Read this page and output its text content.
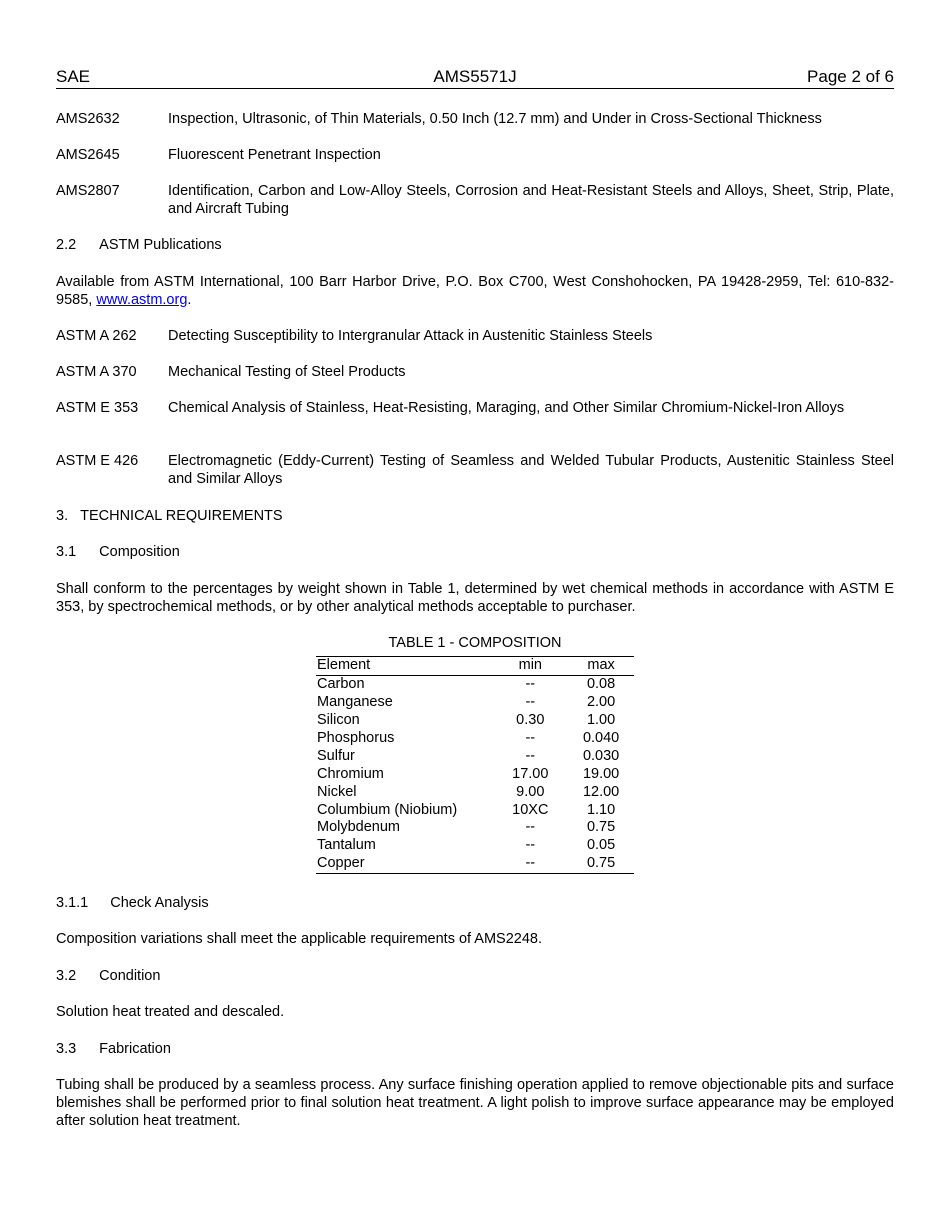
SAE	AMS5571J	Page 2 of 6
AMS2632	Inspection, Ultrasonic, of Thin Materials, 0.50 Inch (12.7 mm) and Under in Cross-Sectional Thickness
AMS2645	Fluorescent Penetrant Inspection
AMS2807	Identification, Carbon and Low-Alloy Steels, Corrosion and Heat-Resistant Steels and Alloys, Sheet, Strip, Plate, and Aircraft Tubing
2.2 ASTM Publications
Available from ASTM International, 100 Barr Harbor Drive, P.O. Box C700, West Conshohocken, PA 19428-2959, Tel: 610-832-9585, www.astm.org.
ASTM A 262 Detecting Susceptibility to Intergranular Attack in Austenitic Stainless Steels
ASTM A 370 Mechanical Testing of Steel Products
ASTM E 353 Chemical Analysis of Stainless, Heat-Resisting, Maraging, and Other Similar Chromium-Nickel-Iron Alloys
ASTM E 426 Electromagnetic (Eddy-Current) Testing of Seamless and Welded Tubular Products, Austenitic Stainless Steel and Similar Alloys
3. TECHNICAL REQUIREMENTS
3.1 Composition
Shall conform to the percentages by weight shown in Table 1, determined by wet chemical methods in accordance with ASTM E 353, by spectrochemical methods, or by other analytical methods acceptable to purchaser.
TABLE 1 - COMPOSITION
Element	min	max
Carbon	--	0.08
Manganese	--	2.00
Silicon	0.30	1.00
Phosphorus	--	0.040
Sulfur	--	0.030
Chromium	17.00	19.00
Nickel	9.00	12.00
Columbium (Niobium)	10XC	1.10
Molybdenum	--	0.75
Tantalum	--	0.05
Copper	--	0.75
3.1.1 Check Analysis
Composition variations shall meet the applicable requirements of AMS2248.
3.2 Condition
Solution heat treated and descaled.
3.3 Fabrication
Tubing shall be produced by a seamless process. Any surface finishing operation applied to remove objectionable pits and surface blemishes shall be performed prior to final solution heat treatment. A light polish to improve surface appearance may be employed after solution heat treatment.
